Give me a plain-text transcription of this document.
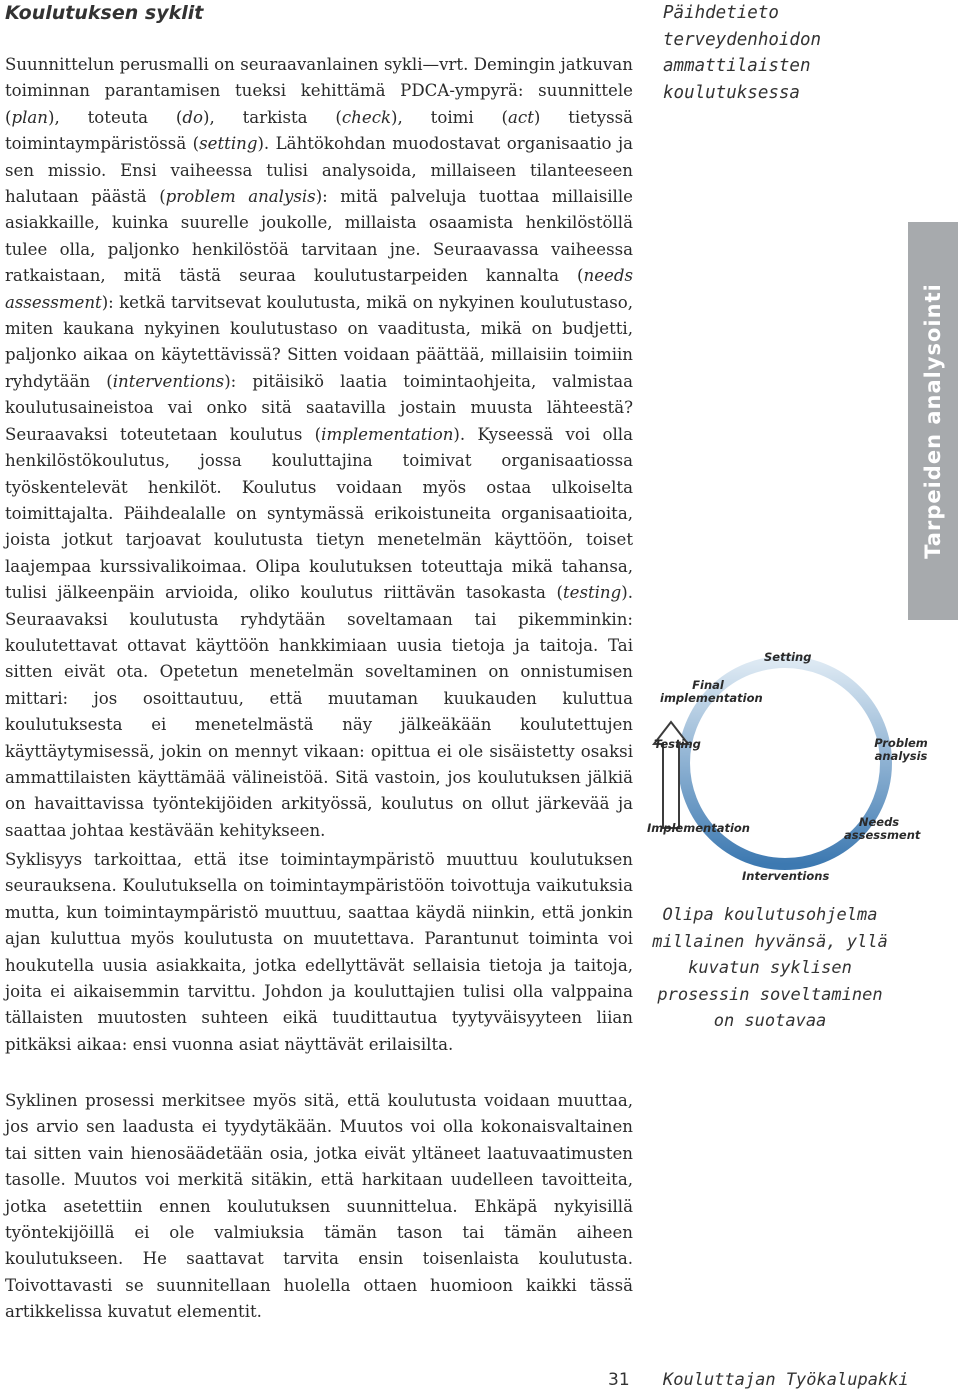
Koulutuksen syklit

Suunnittelun perusmalli on seuraavanlainen sykli—vrt. Demingin jatkuvan toiminnan parantamisen tueksi kehittämä PDCA-ympyrä: suunnittele (plan), toteuta (do), tarkista (check), toimi (act) tietyssä toimintaympäristössä (setting). Lähtökohdan muodostavat organisaatio ja sen missio. Ensi vaiheessa tulisi analysoida, millaiseen tilanteeseen halutaan päästä (problem analysis): mitä palveluja tuottaa millaisille asiakkaille, kuinka suurelle joukolle, millaista osaamista henkilöstöllä tulee olla, paljonko henkilöstöä tarvitaan jne. Seuraavassa vaiheessa ratkaistaan, mitä tästä seuraa koulutustarpeiden kannalta (needs assessment): ketkä tarvitsevat koulutusta, mikä on nykyinen koulutustaso, miten kaukana nykyinen koulutustaso on vaaditusta, mikä on budjetti, paljonko aikaa on käytettävissä? Sitten voidaan päättää, millaisiin toimiin ryhdytään (interventions): pitäisikö laatia toimintaohjeita, valmistaa koulutusaineistoa vai onko sitä saatavilla jostain muusta lähteestä? Seuraavaksi toteutetaan koulutus (implementation). Kyseessä voi olla henkilöstökoulutus, jossa kouluttajina toimivat organisaatiossa työskentelevät henkilöt. Koulutus voidaan myös ostaa ulkoiselta toimittajalta. Päihdealalle on syntymässä erikoistuneita organisaatioita, joista jotkut tarjoavat koulutusta tietyn menetelmän käyttöön, toiset laajempaa kurssivalikoimaa. Olipa koulutuksen toteuttaja mikä tahansa, tulisi jälkeenpäin arvioida, oliko koulutus riittävän tasokasta (testing). Seuraavaksi koulutusta ryhdytään soveltamaan tai pikemminkin: koulutettavat ottavat käyttöön hankkimiaan uusia tietoja ja taitoja. Tai sitten eivät ota. Opetetun menetelmän soveltaminen on onnistumisen mittari: jos osoittautuu, että muutaman kuukauden kuluttua koulutuksesta ei menetelmästä näy jälkeäkään koulutettujen käyttäytymisessä, jokin on mennyt vikaan: opittua ei ole sisäistetty osaksi ammattilaisten käyttämää välineistöä. Sitä vastoin, jos koulutuksen jälkiä on havaittavissa työntekijöiden arkityössä, koulutus on ollut järkevää ja saattaa johtaa kestävään kehitykseen.

Syklisyys tarkoittaa, että itse toimintaympäristö muuttuu koulutuksen seurauksena. Koulutuksella on toimintaympäristöön toivottuja vaikutuksia mutta, kun toimintaympäristö muuttuu, saattaa käydä niinkin, että jonkin ajan kuluttua myös koulutusta on muutettava. Parantunut toiminta voi houkutella uusia asiakkaita, jotka edellyttävät sellaisia tietoja ja taitoja, joita ei aikaisemmin tarvittu. Johdon ja kouluttajien tulisi olla valppaina tällaisten muutosten suhteen eikä tuudittautua tyytyväisyyteen liian pitkäksi aikaa: ensi vuonna asiat näyttävät erilaisilta.

Syklinen prosessi merkitsee myös sitä, että koulutusta voidaan muuttaa, jos arvio sen laadusta ei tyydytäkään. Muutos voi olla kokonaisvaltainen tai sitten vain hienosäädetään osia, jotka eivät yltäneet laatuvaatimusten tasolle. Muutos voi merkitä sitäkin, että harkitaan uudelleen tavoitteita, jotka asetettiin ennen koulutuksen suunnittelua. Ehkäpä nykyisillä työntekijöillä ei ole valmiuksia tämän tason tai tämän aiheen koulutukseen. He saattavat tarvita ensin toisenlaista koulutusta. Toivottavasti se suunnitellaan huolella ottaen huomioon kaikki tässä artikkelissa kuvatut elementit.

Päihdetieto terveydenhoidon ammattilaisten koulutuksessa
Tarpeiden analysointi
Setting
Problem analysis
Needs assessment
Interventions
Implementation
Testing
Final implementation
Olipa koulutusohjelma millainen hyvänsä, yllä kuvatun syklisen prosessin soveltaminen on suotavaa
31 Kouluttajan Työkalupakki
